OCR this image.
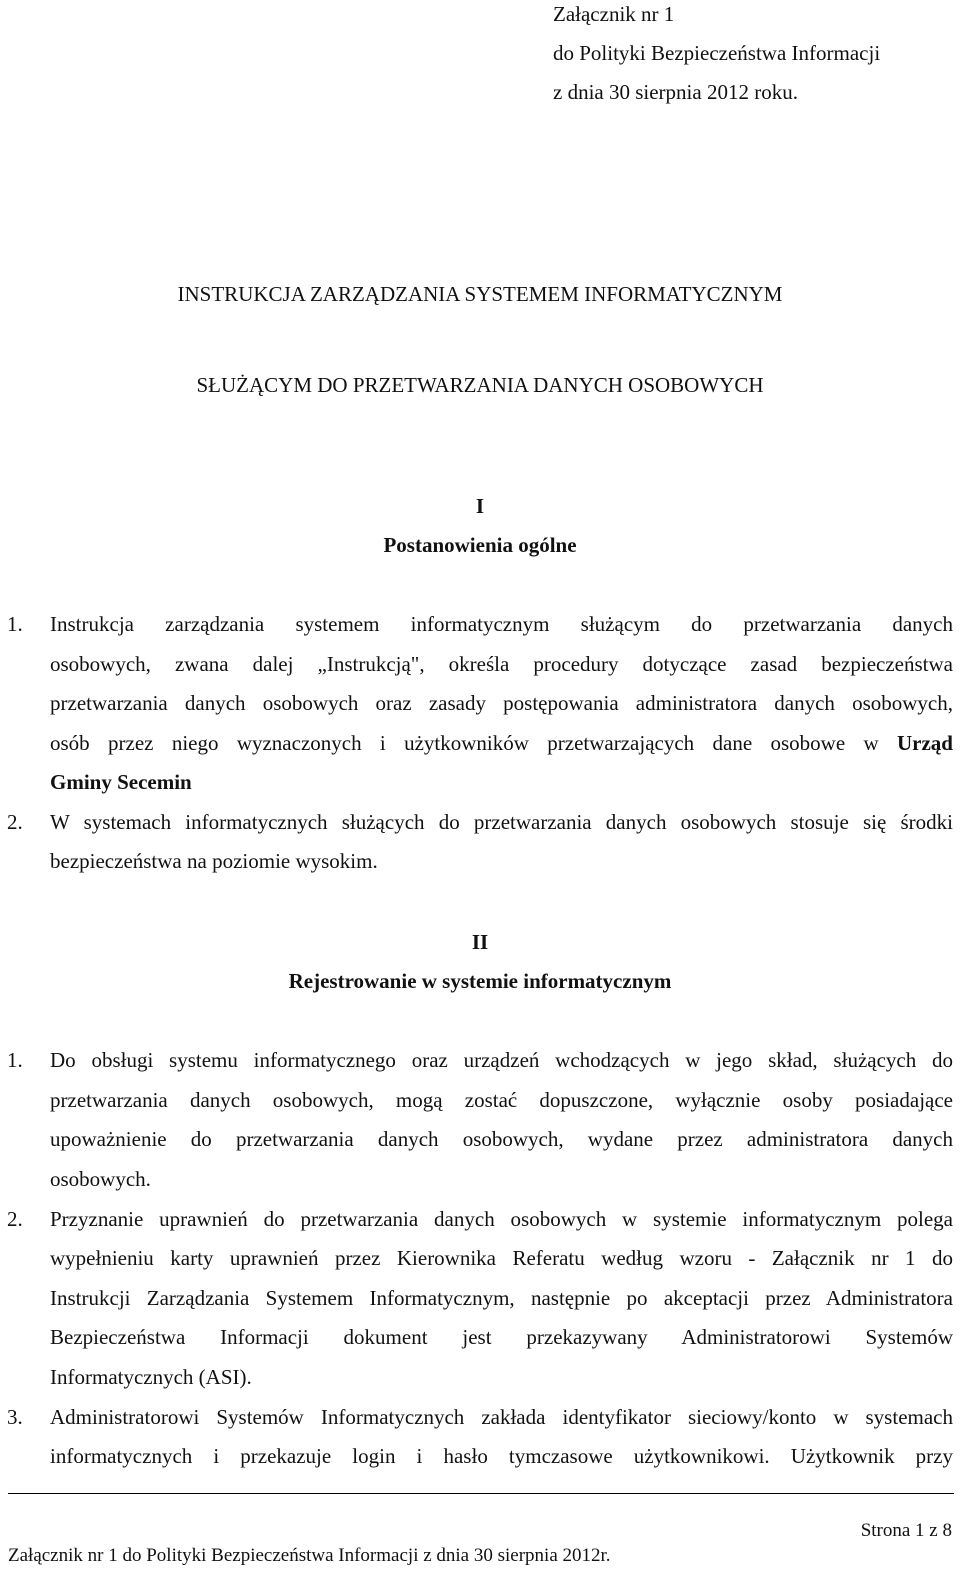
Załącznik nr 1
do Polityki Bezpieczeństwa Informacji
z dnia 30 sierpnia 2012 roku.
INSTRUKCJA ZARZĄDZANIA SYSTEMEM INFORMATYCZNYM
SŁUŻĄCYM DO PRZETWARZANIA DANYCH OSOBOWYCH
I
Postanowienia ogólne
1. Instrukcja zarządzania systemem informatycznym służącym do przetwarzania danych
osobowych, zwana dalej „Instrukcją", określa procedury dotyczące zasad bezpieczeństwa
przetwarzania danych osobowych oraz zasady postępowania administratora danych osobowych,
osób przez niego wyznaczonych i użytkowników przetwarzających dane osobowe w Urząd
Gminy Secemin
2. W systemach informatycznych służących do przetwarzania danych osobowych stosuje się środki
bezpieczeństwa na poziomie wysokim.
II
Rejestrowanie w systemie informatycznym
1. Do obsługi systemu informatycznego oraz urządzeń wchodzących w jego skład, służących do
przetwarzania danych osobowych, mogą zostać dopuszczone, wyłącznie osoby posiadające
upoważnienie do przetwarzania danych osobowych, wydane przez administratora danych
osobowych.
2. Przyznanie uprawnień do przetwarzania danych osobowych w systemie informatycznym polega
wypełnieniu karty uprawnień przez Kierownika Referatu według wzoru - Załącznik nr 1 do
Instrukcji Zarządzania Systemem Informatycznym, następnie po akceptacji przez Administratora
Bezpieczeństwa Informacji dokument jest przekazywany Administratorowi Systemów
Informatycznych (ASI).
3. Administratorowi Systemów Informatycznych zakłada identyfikator sieciowy/konto w systemach
informatycznych i przekazuje login i hasło tymczasowe użytkownikowi. Użytkownik przy
Strona 1 z 8
Załącznik nr 1 do Polityki Bezpieczeństwa Informacji z dnia 30 sierpnia 2012r.
